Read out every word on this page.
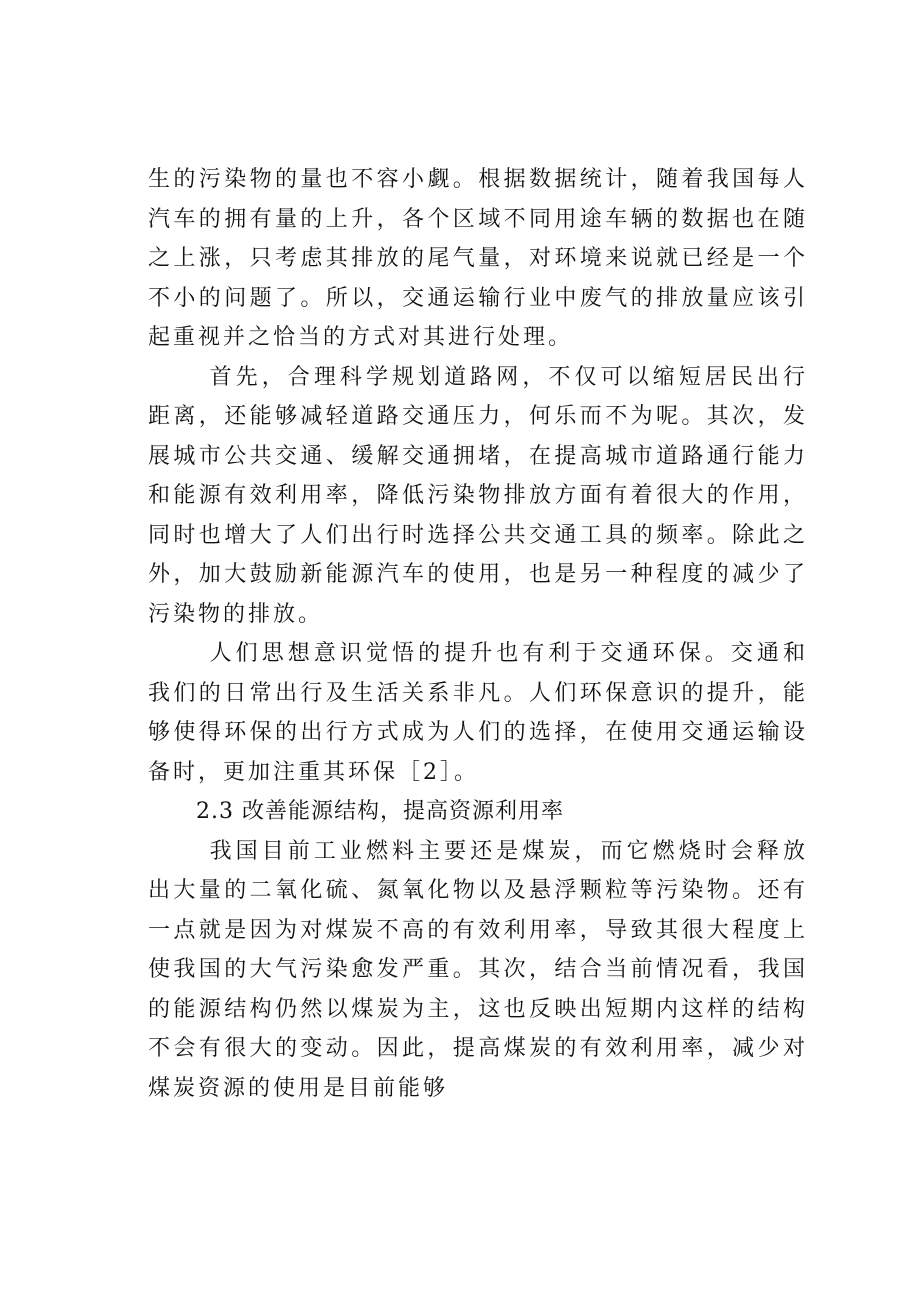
生的污染物的量也不容小觑。根据数据统计，随着我国每人汽车的拥有量的上升，各个区域不同用途车辆的数据也在随之上涨，只考虑其排放的尾气量，对环境来说就已经是一个不小的问题了。所以，交通运输行业中废气的排放量应该引起重视并之恰当的方式对其进行处理。

首先，合理科学规划道路网，不仅可以缩短居民出行距离，还能够减轻道路交通压力，何乐而不为呢。其次，发展城市公共交通、缓解交通拥堵，在提高城市道路通行能力和能源有效利用率，降低污染物排放方面有着很大的作用，同时也增大了人们出行时选择公共交通工具的频率。除此之外，加大鼓励新能源汽车的使用，也是另一种程度的减少了污染物的排放。

人们思想意识觉悟的提升也有利于交通环保。交通和我们的日常出行及生活关系非凡。人们环保意识的提升，能够使得环保的出行方式成为人们的选择，在使用交通运输设备时，更加注重其环保［2］。

2.3 改善能源结构，提高资源利用率

我国目前工业燃料主要还是煤炭，而它燃烧时会释放出大量的二氧化硫、氮氧化物以及悬浮颗粒等污染物。还有一点就是因为对煤炭不高的有效利用率，导致其很大程度上使我国的大气污染愈发严重。其次，结合当前情况看，我国的能源结构仍然以煤炭为主，这也反映出短期内这样的结构不会有很大的变动。因此，提高煤炭的有效利用率，减少对煤炭资源的使用是目前能够
